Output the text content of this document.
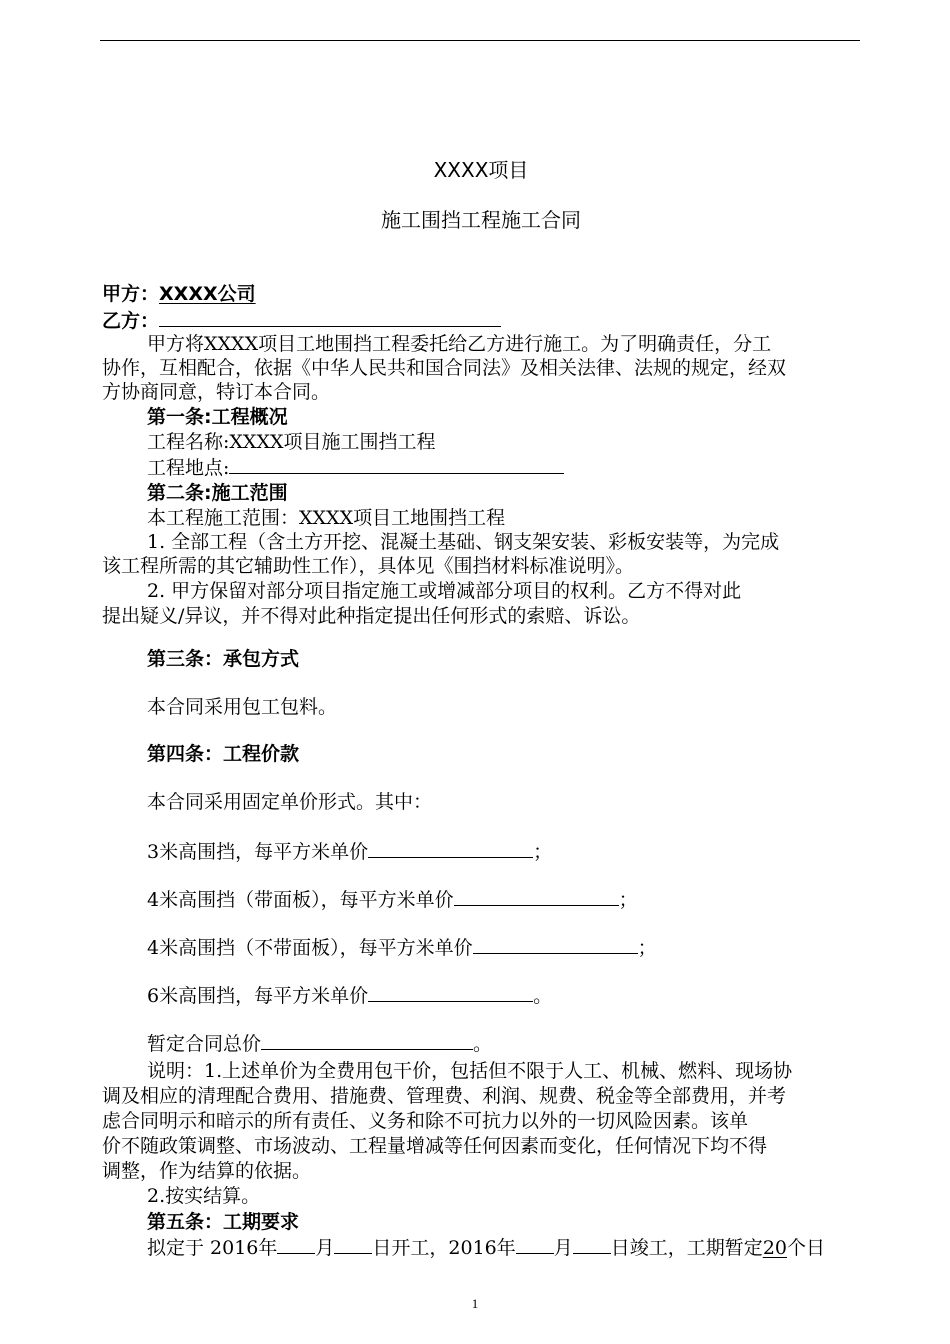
XXXX项目
施工围挡工程施工合同
甲方：XXXX公司
乙方：
甲方将XXXX项目工地围挡工程委托给乙方进行施工。为了明确责任，分工
协作，互相配合，依据《中华人民共和国合同法》及相关法律、法规的规定，经双
方协商同意，特订本合同。
第一条:工程概况
工程名称:XXXX项目施工围挡工程
工程地点:
第二条:施工范围
本工程施工范围：XXXX项目工地围挡工程
1. 全部工程（含土方开挖、混凝土基础、钢支架安装、彩板安装等，为完成
该工程所需的其它辅助性工作），具体见《围挡材料标准说明》。
2. 甲方保留对部分项目指定施工或增减部分项目的权利。乙方不得对此
提出疑义/异议，并不得对此种指定提出任何形式的索赔、诉讼。
第三条：承包方式
本合同采用包工包料。
第四条：工程价款
本合同采用固定单价形式。其中：
3米高围挡，每平方米单价	；
4米高围挡（带面板），每平方米单价	；
4米高围挡（不带面板），每平方米单价	；
6米高围挡，每平方米单价	。
暂定合同总价	。
说明：1.上述单价为全费用包干价，包括但不限于人工、机械、燃料、现场协
调及相应的清理配合费用、措施费、管理费、利润、规费、税金等全部费用，并考
虑合同明示和暗示的所有责任、义务和除不可抗力以外的一切风险因素。该单
价不随政策调整、市场波动、工程量增减等任何因素而变化，任何情况下均不得
调整，作为结算的依据。
2.按实结算。
第五条：工期要求
拟定于 2016年 月 日开工，2016年 月 日竣工，工期暂定20个日
1
